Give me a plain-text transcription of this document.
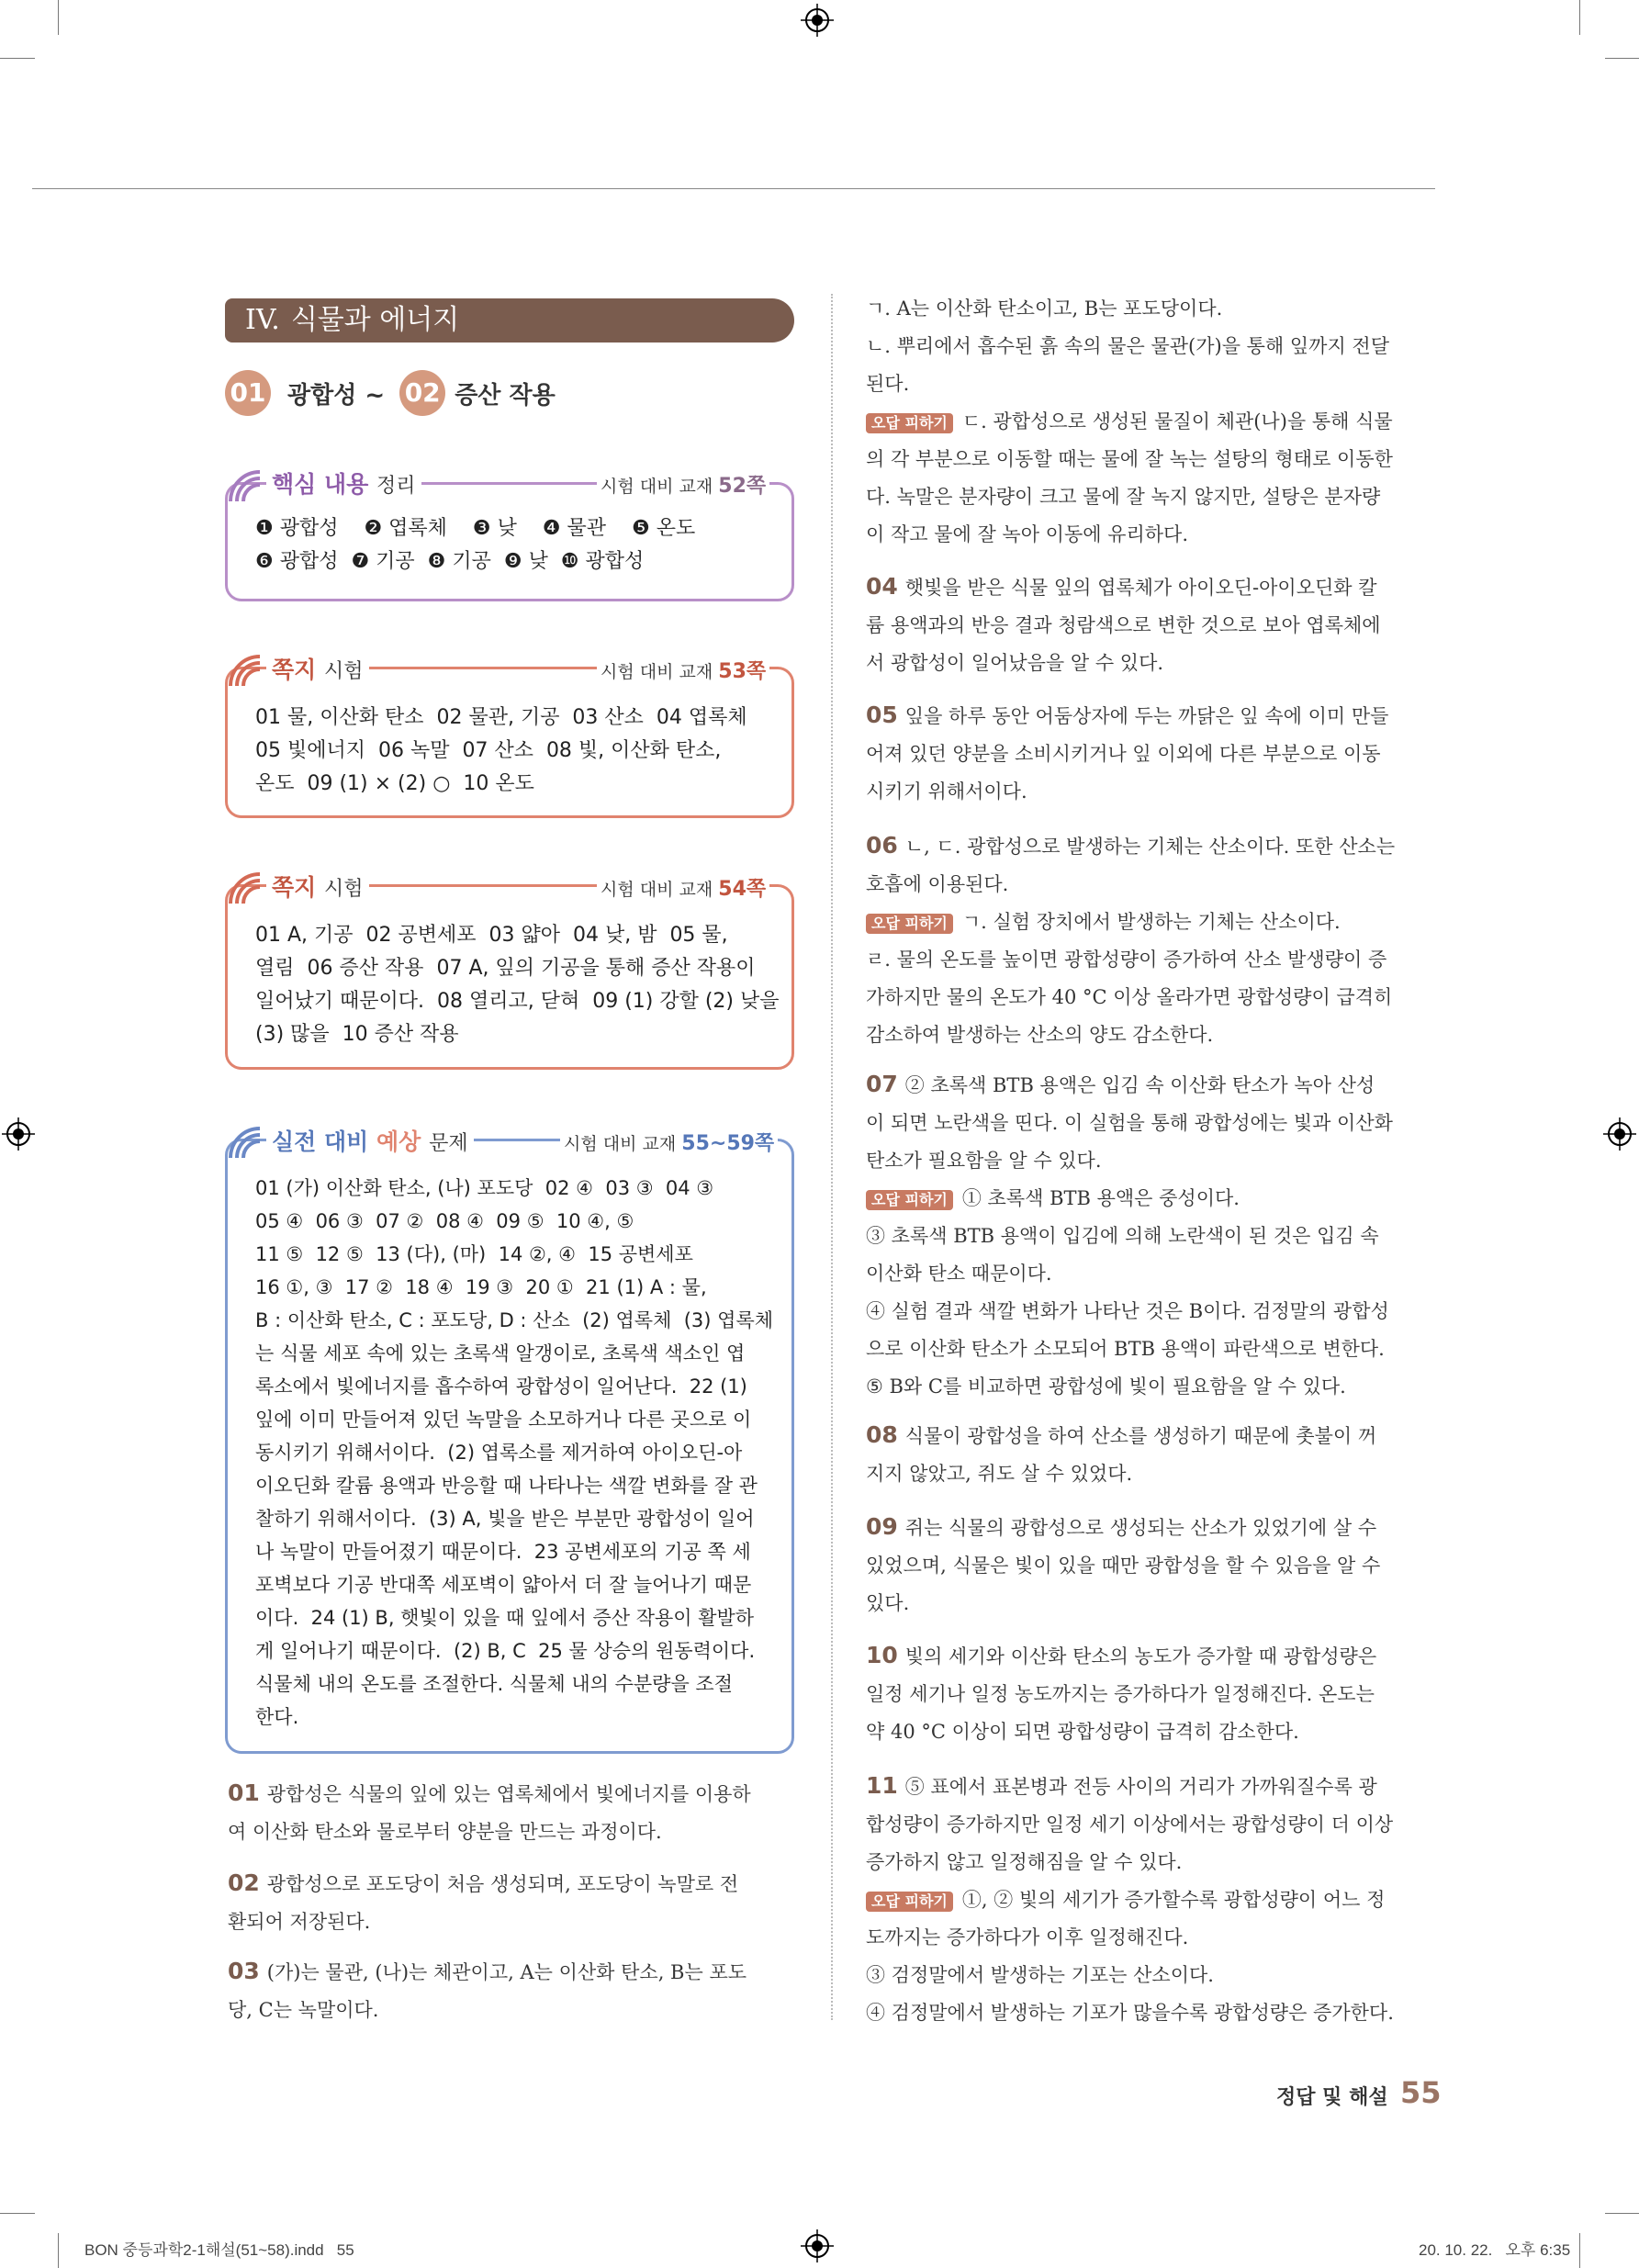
IV. 식물과 에너지
01 광합성 ~ 02 증산 작용
핵심 내용 정리	시험 대비 교재 52쪽
❶ 광합성    ❷ 엽록체    ❸ 낮    ❹ 물관    ❺ 온도
❻ 광합성  ❼ 기공  ❽ 기공  ❾ 낮  ❿ 광합성
쪽지 시험	시험 대비 교재 53쪽
01 물, 이산화 탄소  02 물관, 기공  03 산소  04 엽록체
05 빛에너지  06 녹말  07 산소  08 빛, 이산화 탄소,
온도  09 (1) × (2) ○  10 온도
쪽지 시험	시험 대비 교재 54쪽
01 A, 기공  02 공변세포  03 얇아  04 낮, 밤  05 물,
열림  06 증산 작용  07 A, 잎의 기공을 통해 증산 작용이
일어났기 때문이다.  08 열리고, 닫혀  09 (1) 강할 (2) 낮을
(3) 많을  10 증산 작용
실전 대비 예상 문제	시험 대비 교재 55~59쪽
01 (가) 이산화 탄소, (나) 포도당  02 ④  03 ③  04 ③
05 ④  06 ③  07 ②  08 ④  09 ⑤  10 ④, ⑤
11 ⑤  12 ⑤  13 (다), (마)  14 ②, ④  15 공변세포
16 ①, ③  17 ②  18 ④  19 ③  20 ①  21 (1) A : 물,
B : 이산화 탄소, C : 포도당, D : 산소  (2) 엽록체  (3) 엽록체
는 식물 세포 속에 있는 초록색 알갱이로, 초록색 색소인 엽
록소에서 빛에너지를 흡수하여 광합성이 일어난다.  22 (1)
잎에 이미 만들어져 있던 녹말을 소모하거나 다른 곳으로 이
동시키기 위해서이다.  (2) 엽록소를 제거하여 아이오딘-아
이오딘화 칼륨 용액과 반응할 때 나타나는 색깔 변화를 잘 관
찰하기 위해서이다.  (3) A, 빛을 받은 부분만 광합성이 일어
나 녹말이 만들어졌기 때문이다.  23 공변세포의 기공 쪽 세
포벽보다 기공 반대쪽 세포벽이 얇아서 더 잘 늘어나기 때문
이다.  24 (1) B, 햇빛이 있을 때 잎에서 증산 작용이 활발하
게 일어나기 때문이다.  (2) B, C  25 물 상승의 원동력이다.
식물체 내의 온도를 조절한다. 식물체 내의 수분량을 조절
한다.
01 광합성은 식물의 잎에 있는 엽록체에서 빛에너지를 이용하
여 이산화 탄소와 물로부터 양분을 만드는 과정이다.
02 광합성으로 포도당이 처음 생성되며, 포도당이 녹말로 전
환되어 저장된다.
03 (가)는 물관, (나)는 체관이고, A는 이산화 탄소, B는 포도
당, C는 녹말이다.
ㄱ. A는 이산화 탄소이고, B는 포도당이다.
ㄴ. 뿌리에서 흡수된 흙 속의 물은 물관(가)을 통해 잎까지 전달
된다.
오답 피하기 ㄷ. 광합성으로 생성된 물질이 체관(나)을 통해 식물
의 각 부분으로 이동할 때는 물에 잘 녹는 설탕의 형태로 이동한
다. 녹말은 분자량이 크고 물에 잘 녹지 않지만, 설탕은 분자량
이 작고 물에 잘 녹아 이동에 유리하다.
04 햇빛을 받은 식물 잎의 엽록체가 아이오딘-아이오딘화 칼
륨 용액과의 반응 결과 청람색으로 변한 것으로 보아 엽록체에
서 광합성이 일어났음을 알 수 있다.
05 잎을 하루 동안 어둠상자에 두는 까닭은 잎 속에 이미 만들
어져 있던 양분을 소비시키거나 잎 이외에 다른 부분으로 이동
시키기 위해서이다.
06 ㄴ, ㄷ. 광합성으로 발생하는 기체는 산소이다. 또한 산소는
호흡에 이용된다.
오답 피하기 ㄱ. 실험 장치에서 발생하는 기체는 산소이다.
ㄹ. 물의 온도를 높이면 광합성량이 증가하여 산소 발생량이 증
가하지만 물의 온도가 40 °C 이상 올라가면 광합성량이 급격히
감소하여 발생하는 산소의 양도 감소한다.
07 ② 초록색 BTB 용액은 입김 속 이산화 탄소가 녹아 산성
이 되면 노란색을 띤다. 이 실험을 통해 광합성에는 빛과 이산화
탄소가 필요함을 알 수 있다.
오답 피하기 ① 초록색 BTB 용액은 중성이다.
③ 초록색 BTB 용액이 입김에 의해 노란색이 된 것은 입김 속
이산화 탄소 때문이다.
④ 실험 결과 색깔 변화가 나타난 것은 B이다. 검정말의 광합성
으로 이산화 탄소가 소모되어 BTB 용액이 파란색으로 변한다.
⑤ B와 C를 비교하면 광합성에 빛이 필요함을 알 수 있다.
08 식물이 광합성을 하여 산소를 생성하기 때문에 촛불이 꺼
지지 않았고, 쥐도 살 수 있었다.
09 쥐는 식물의 광합성으로 생성되는 산소가 있었기에 살 수
있었으며, 식물은 빛이 있을 때만 광합성을 할 수 있음을 알 수
있다.
10 빛의 세기와 이산화 탄소의 농도가 증가할 때 광합성량은
일정 세기나 일정 농도까지는 증가하다가 일정해진다. 온도는
약 40 °C 이상이 되면 광합성량이 급격히 감소한다.
11 ⑤ 표에서 표본병과 전등 사이의 거리가 가까워질수록 광
합성량이 증가하지만 일정 세기 이상에서는 광합성량이 더 이상
증가하지 않고 일정해짐을 알 수 있다.
오답 피하기 ①, ② 빛의 세기가 증가할수록 광합성량이 어느 정
도까지는 증가하다가 이후 일정해진다.
③ 검정말에서 발생하는 기포는 산소이다.
④ 검정말에서 발생하는 기포가 많을수록 광합성량은 증가한다.
정답 및 해설 55
BON 중등과학2-1해설(51~58).indd   55	20. 10. 22.   오후 6:35
